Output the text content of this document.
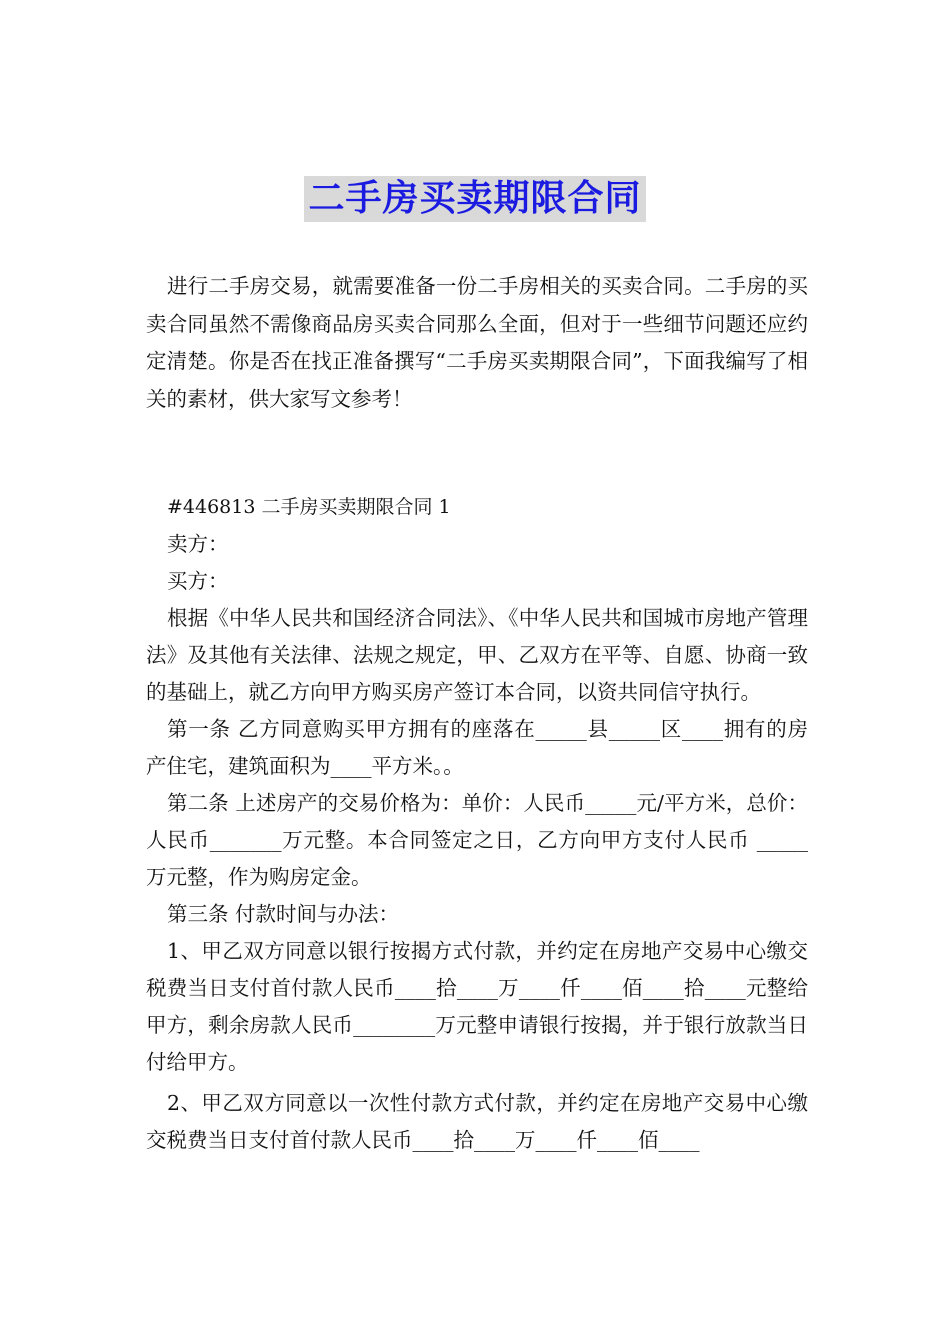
二手房买卖期限合同

进行二手房交易，就需要准备一份二手房相关的买卖合同。二手房的买卖合同虽然不需像商品房买卖合同那么全面，但对于一些细节问题还应约定清楚。你是否在找正准备撰写“二手房买卖期限合同”，下面我编写了相关的素材，供大家写文参考！

#446813 二手房买卖期限合同 1

卖方：

买方：

根据《中华人民共和国经济合同法》、《中华人民共和国城市房地产管理法》及其他有关法律、法规之规定，甲、乙双方在平等、自愿、协商一致的基础上，就乙方向甲方购买房产签订本合同，以资共同信守执行。

第一条 乙方同意购买甲方拥有的座落在_____县_____区____拥有的房产住宅，建筑面积为____平方米。。

第二条 上述房产的交易价格为：单价：人民币_____元/平方米，总价：人民币_______万元整。本合同签定之日，乙方向甲方支付人民币 _____万元整，作为购房定金。

第三条 付款时间与办法：

1、甲乙双方同意以银行按揭方式付款，并约定在房地产交易中心缴交税费当日支付首付款人民币____拾____万____仟____佰____拾____元整给甲方，剩余房款人民币________万元整申请银行按揭，并于银行放款当日付给甲方。

2、甲乙双方同意以一次性付款方式付款，并约定在房地产交易中心缴交税费当日支付首付款人民币____拾____万____仟____佰____
